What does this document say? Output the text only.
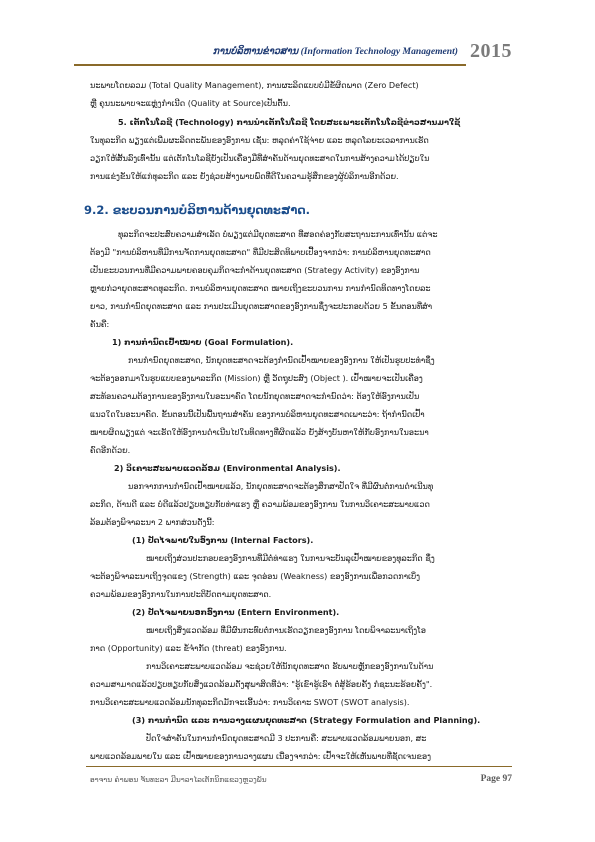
ການບໍລິຫານຂ່າວສານ (Information Technology Management) 2015
ນະພາບໂດຍລວມ (Total Quality Management), ການຜະລິດແບບບໍ່ມີຂໍ້ຜິດພາດ (Zero Defect)
ຫຼື ຄຸນນະພາບຈະແຫຼ່ງກຳເນີດ (Quality at Source)ເປັນຕົ້ນ.
5. ເຕັກໂນໂລຊີ (Technology) ການນຳເຕັກໂນໂລຊີ ໂດຍສະເພາະເຕັກໂນໂລຊີຂ່າວສານມາໃຊ້
ໃນທຸລະກິດ ພຽງແຕ່ເພີ່ມຜະລິດຕະພັນຂອງອົງການ ເຊັ່ນ: ຫລຸດຄ່າໃຊ້ຈ່າຍ ແລະ ຫລຸດໂລຍະເວລາການເຮັດ
ວຽກໃຫ້ສັ້ນລົງເທົ່ານັ້ນ ແຕ່ເຕັກໂນໂລຊີຍັງເປັນເຄື່ອງມືທີ່ສຳຄັນດ້ານຍຸດທະສາດໃນການສ້າງຄວາມໄດ້ປຽບໃນ
ການແຂ່ງຂັນໃຫ້ແກ່ທຸລະກິດ ແລະ ຍັງຊ່ວຍສ້າງພາບພົດທີ່ດີໃນຄວາມຮູ້ສຶກຂອງຜູ້ບໍລິການອີກດ້ວຍ.
9.2. ຂະບວນການບໍລິຫານດ້ານຍຸດທະສາດ.
ທຸລະກິດຈະປະສົບຄວາມສຳເລັດ ບໍ່ພຽງແຕ່ມີຍຸດທະສາດ ທີ່ສອດຄ່ອງກັບສະຖານະການເທົ່ານັ້ນ ແຕ່ຈະ
ຕ້ອງມີ "ການບໍລິຫານທີ່ມີການຈັດການຍຸດທະສາດ" ທີ່ມີປະສິດທິພາບເປື້ອງຈາກວ່າ: ການບໍລິຫານຍຸດທະສາດ
ເປັນຂະບວນການທີ່ມີຄວາມພາຍຄອບຄຸມກິດຈະກຳດ້ານຍຸດທະສາດ (Strategy Activity) ຂອງອົງການ
ຫຼາຍກ່ວາຍຸດທະສາດທຸລະກິດ. ການບໍລິຫານຍຸດທະສາດ ໝາຍເຖິງຂະບວນການ ການກຳນົດທິດທາງໂດຍລະ
ຍາວ, ການກຳນົດຍຸດທະສາດ ແລະ ການປະເມີນຍຸດທະສາດຂອງອົງການຊຶ່ງຈະປະກອບດ້ວຍ 5 ຂັ້ນຕອນທີ່ສຳ
ຄັນຄື:
1) ການກຳນົດເປົ້າໝາຍ (Goal Formulation).
ການກຳນົດຍຸດທະສາດ, ນັກຍຸດທະສາດຈະຕ້ອງກຳນົດເປົ້າໝາຍຂອງອົງການ ໃຫ້ເປັນຮູບປະທຳຊຶ່ງ
ຈະຕ້ອງອອກມາໃນຮູບແບບຂອງພາລະກິດ (Mission) ຫຼື ວັດຖຸປະສົງ (Object ). ເປົ້າໝາຍຈະເປັນເຄື່ອງ
ສະທ້ອນຄວາມຕ້ອງການຂອງອົງການໃນອະນາຄົດ ໂດຍນັກຍຸດທະສາດຈະກຳນົດວ່າ: ຕ້ອງໃຫ້ອົງການເປັນ
ແນວໃດໃນອະນາຄົດ. ຂັ້ນຕອນນີ້ເປັນພື້ນຖານສຳຄັນ ຂອງການບໍລິຫານຍຸດທະສາດເພາະວ່າ: ຖ້າກຳນົດເປົ້າ
ໝາຍຜິດພຽງແຕ່ ຈະເຮັດໃຫ້ອົງການດຳເນີນໄປໃນທິດທາງທີ່ຜິດແລ້ວ ຍັງສ້າງບັນຫາໃຫ້ກັບອົງການໃນອະນາ
ຄົດອີກດ້ວຍ.
2) ວິເຄາະສະພາບແວດລ້ອມ (Environmental Analysis).
ນອກຈາກການກຳນົດເປົ້າໝາຍແລ້ວ, ນັກຍຸດທະສາດຈະຕ້ອງສຶກສາປັດໃຈ ທີ່ມີຜົນຕໍ່ການດຳເນີນທຸ
ລະກິດ, ດ້ານດີ ແລະ ບໍ່ດີແລ້ວປຽບທຽບກັບທ່າແຮງ ຫຼື ຄວາມພ້ອມຂອງອົງການ ໃນການວິເຄາະສະພາບແວດ
ລ້ອມຕ້ອງພິຈາລະນາ 2 ພາກສ່ວນດັ່ງນີ້:
(1) ປັດໄຈພາຍໃນອົງການ (Internal Factors).
ໝາຍເຖິງສ່ວນປະກອບຂອງອົງການທີ່ມີຕໍ່ທ່າແຮງ ໃນການຈະບັນລຸເປົ້າໝາຍຂອງທຸລະກິດ ຊຶ່ງ
ຈະຕ້ອງພິຈາລະນາເຖິງຈຸດແຂງ (Strength) ແລະ ຈຸດອ່ອນ (Weakness) ຂອງອົງການເພື່ອກວດກາເບິ່ງ
ຄວາມພ້ອມຂອງອົງການໃນການປະຕິບັດຕາມຍຸດທະສາດ.
(2) ປັດໄຈພາຍນອກອົງການ (Entern Environment).
ໝາຍເຖິງສິ່ງແວດລ້ອມ ທີ່ມີຜົນກະທົບຕໍ່ການເຮັດວຽກຂອງອົງການ ໂດຍພິຈາລະນາເຖິງໂອ
ກາດ (Opportunity) ແລະ ຂໍ້ຈຳກັດ (threat) ຂອງອົງການ.
ການວິເຄາະສະພາບແວດລ້ອມ ຈະຊ່ວຍໃຫ້ນັກຍຸດທະສາດ ຮັບພາບຫຼັກຂອງອົງການໃນດ້ານ
ຄວາມສາມາດແລ້ວປຽບທຽບກັບສິ່ງແວດລ້ອມດັ່ງສຸພາສິດທີ່ວ່າ: "ຮູ້ເຂົາຮູ້ເຮົາ ຕໍ່ສູ້ຮ້ອຍຄັ້ງ ກໍຊະນະຮ້ອຍຄັ້ງ".
ການວິເຄາະສະພາບແວດລ້ອມນັກທຸລະກິດມັກຈະເອີ້ນວ່າ: ການວິເຄາະ SWOT (SWOT analysis).
(3) ການກຳນົດ ແລະ ການວາງແຜນຍຸດທະສາດ (Strategy Formulation and Planning).
ປັດໃຈສຳຄັນໃນການກຳນົດຍຸດທະສາດມີ 3 ປະການຄື: ສະພາບແວດລ້ອມພາຍນອກ, ສະ
ພາບແວດລ້ອມພາຍໃນ ແລະ ເປົ້າໝາຍຂອງການວາງແຜນ ເນື່ອງຈາກວ່າ: ເປົ້າຈະໃຫ້ເຫັນພາບທີ່ຊັດເຈນຂອງ
ອາຈານ ຄຳພອນ ຈັນທະລາ ມີນາລາໄລເຕັກນິກແຂວງຫຼວງພັນ	Page 97
